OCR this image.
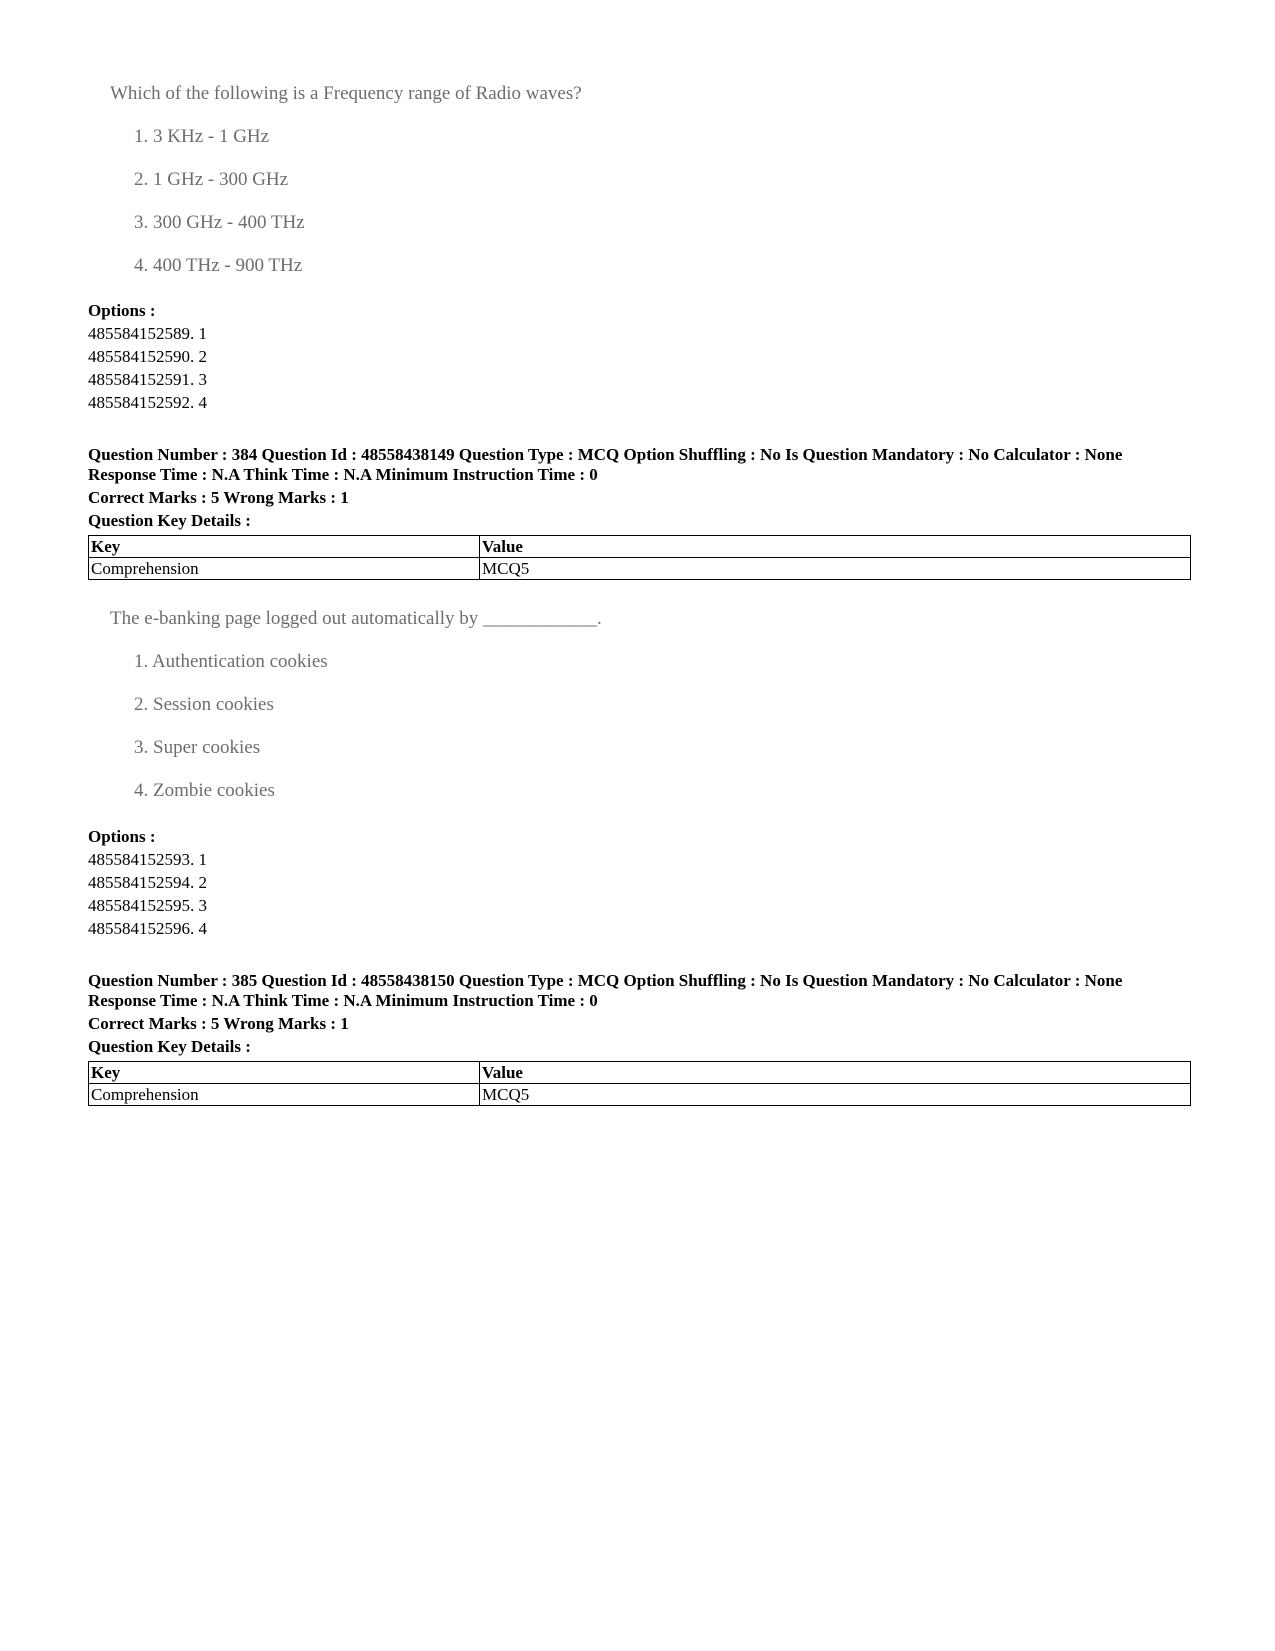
Which of the following is a Frequency range of Radio waves?
1. 3 KHz - 1 GHz
2. 1 GHz - 300 GHz
3. 300 GHz - 400 THz
4. 400 THz - 900 THz
Options :
485584152589. 1
485584152590. 2
485584152591. 3
485584152592. 4
Question Number : 384 Question Id : 48558438149 Question Type : MCQ Option Shuffling : No Is Question Mandatory : No Calculator : None
Response Time : N.A Think Time : N.A Minimum Instruction Time : 0
Correct Marks : 5 Wrong Marks : 1
Question Key Details :
Key	Value
Comprehension	MCQ5
The e-banking page logged out automatically by ____________.
1. Authentication cookies
2. Session cookies
3. Super cookies
4. Zombie cookies
Options :
485584152593. 1
485584152594. 2
485584152595. 3
485584152596. 4
Question Number : 385 Question Id : 48558438150 Question Type : MCQ Option Shuffling : No Is Question Mandatory : No Calculator : None
Response Time : N.A Think Time : N.A Minimum Instruction Time : 0
Correct Marks : 5 Wrong Marks : 1
Question Key Details :
Key	Value
Comprehension	MCQ5
